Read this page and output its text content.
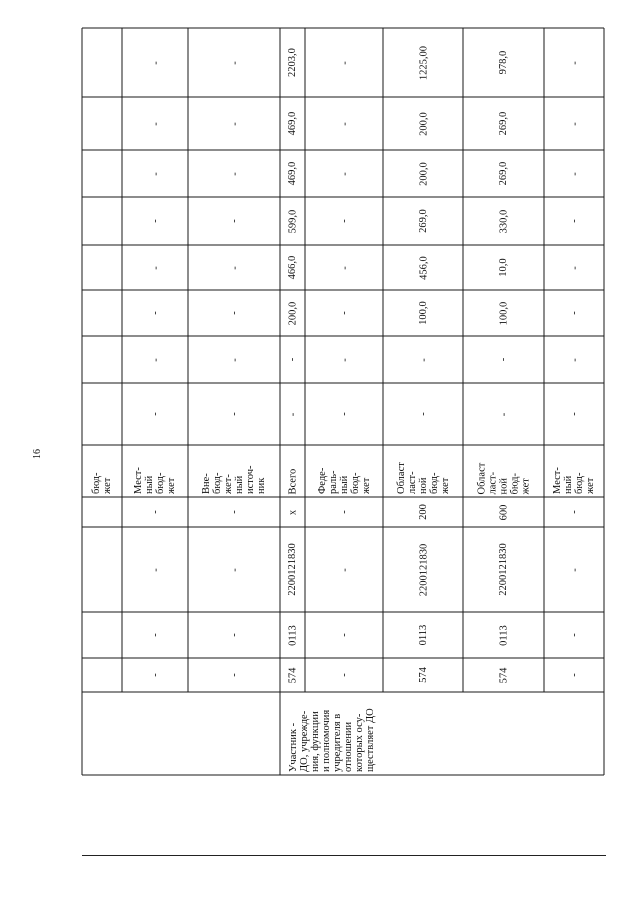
16
бюд-
жет
-
-
-
-
Мест-
ный
бюд-
жет
-
-
-
-
-
-
-
-
-
-
-
-
Вне-
бюд-
жет-
ный
источ-
ник
-
-
-
-
-
-
-
-
Участник -
ДО, учрежде-
ния, функции
и полномочия
учредителя в
отношении
которых осу-
ществляет ДО
574
0113
2200121830
x
Всего
-
-
200,0
466,0
599,0
469,0
469,0
2203,0
-
-
-
-
Феде-
раль-
ный
бюд-
жет
-
-
-
-
-
-
-
-
574
0113
2200121830
200
Област
ласт-
ной
бюд-
жет
-
-
100,0
456,0
269,0
200,0
200,0
1225,00
574
0113
2200121830
600
Област
ласт-
ной
бюд-
жет
-
-
100,0
10,0
330,0
269,0
269,0
978,0
-
-
-
-
Мест-
ный
бюд-
жет
-
-
-
-
-
-
-
-
